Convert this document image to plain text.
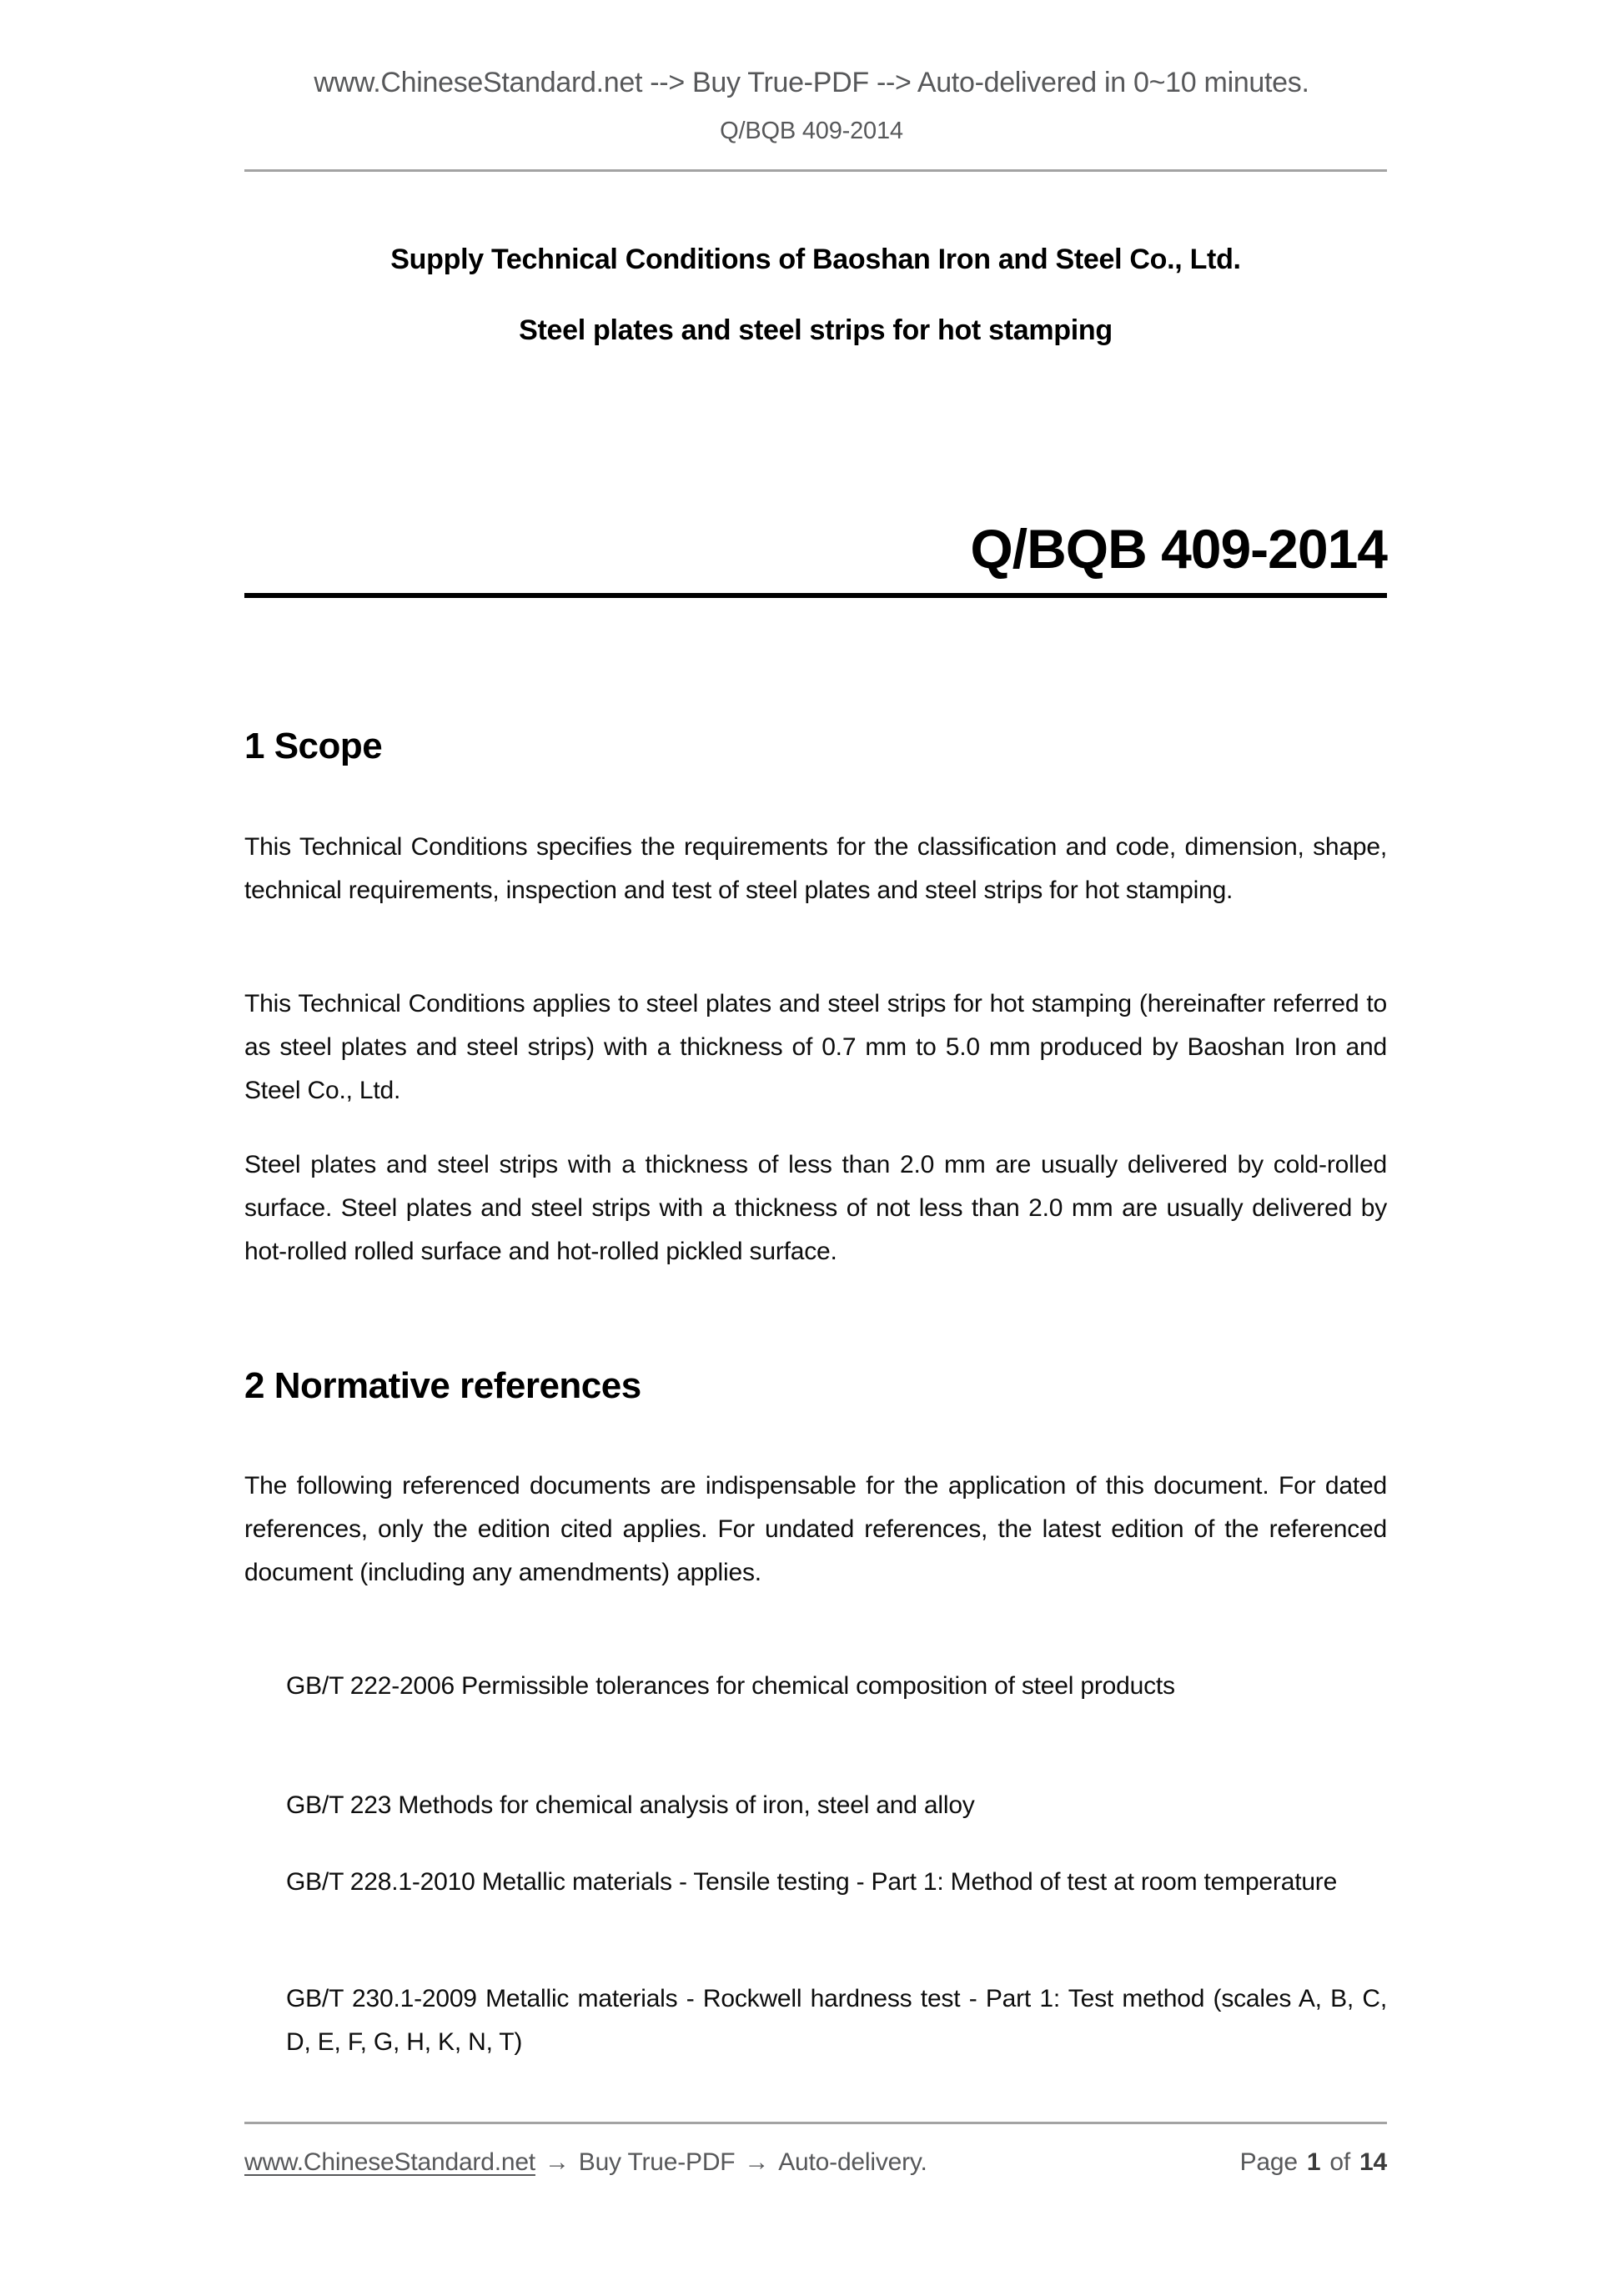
www.ChineseStandard.net --> Buy True-PDF --> Auto-delivered in 0~10 minutes.
Q/BQB 409-2014
Supply Technical Conditions of Baoshan Iron and Steel Co., Ltd.
Steel plates and steel strips for hot stamping
Q/BQB 409-2014
1 Scope
This Technical Conditions specifies the requirements for the classification and code, dimension, shape, technical requirements, inspection and test of steel plates and steel strips for hot stamping.
This Technical Conditions applies to steel plates and steel strips for hot stamping (hereinafter referred to as steel plates and steel strips) with a thickness of 0.7 mm to 5.0 mm produced by Baoshan Iron and Steel Co., Ltd.
Steel plates and steel strips with a thickness of less than 2.0 mm are usually delivered by cold-rolled surface. Steel plates and steel strips with a thickness of not less than 2.0 mm are usually delivered by hot-rolled rolled surface and hot-rolled pickled surface.
2 Normative references
The following referenced documents are indispensable for the application of this document. For dated references, only the edition cited applies. For undated references, the latest edition of the referenced document (including any amendments) applies.
GB/T 222-2006 Permissible tolerances for chemical composition of steel products
GB/T 223 Methods for chemical analysis of iron, steel and alloy
GB/T 228.1-2010 Metallic materials - Tensile testing - Part 1: Method of test at room temperature
GB/T 230.1-2009 Metallic materials - Rockwell hardness test - Part 1: Test method (scales A, B, C, D, E, F, G, H, K, N, T)
www.ChineseStandard.net → Buy True-PDF → Auto-delivery.	Page 1 of 14
